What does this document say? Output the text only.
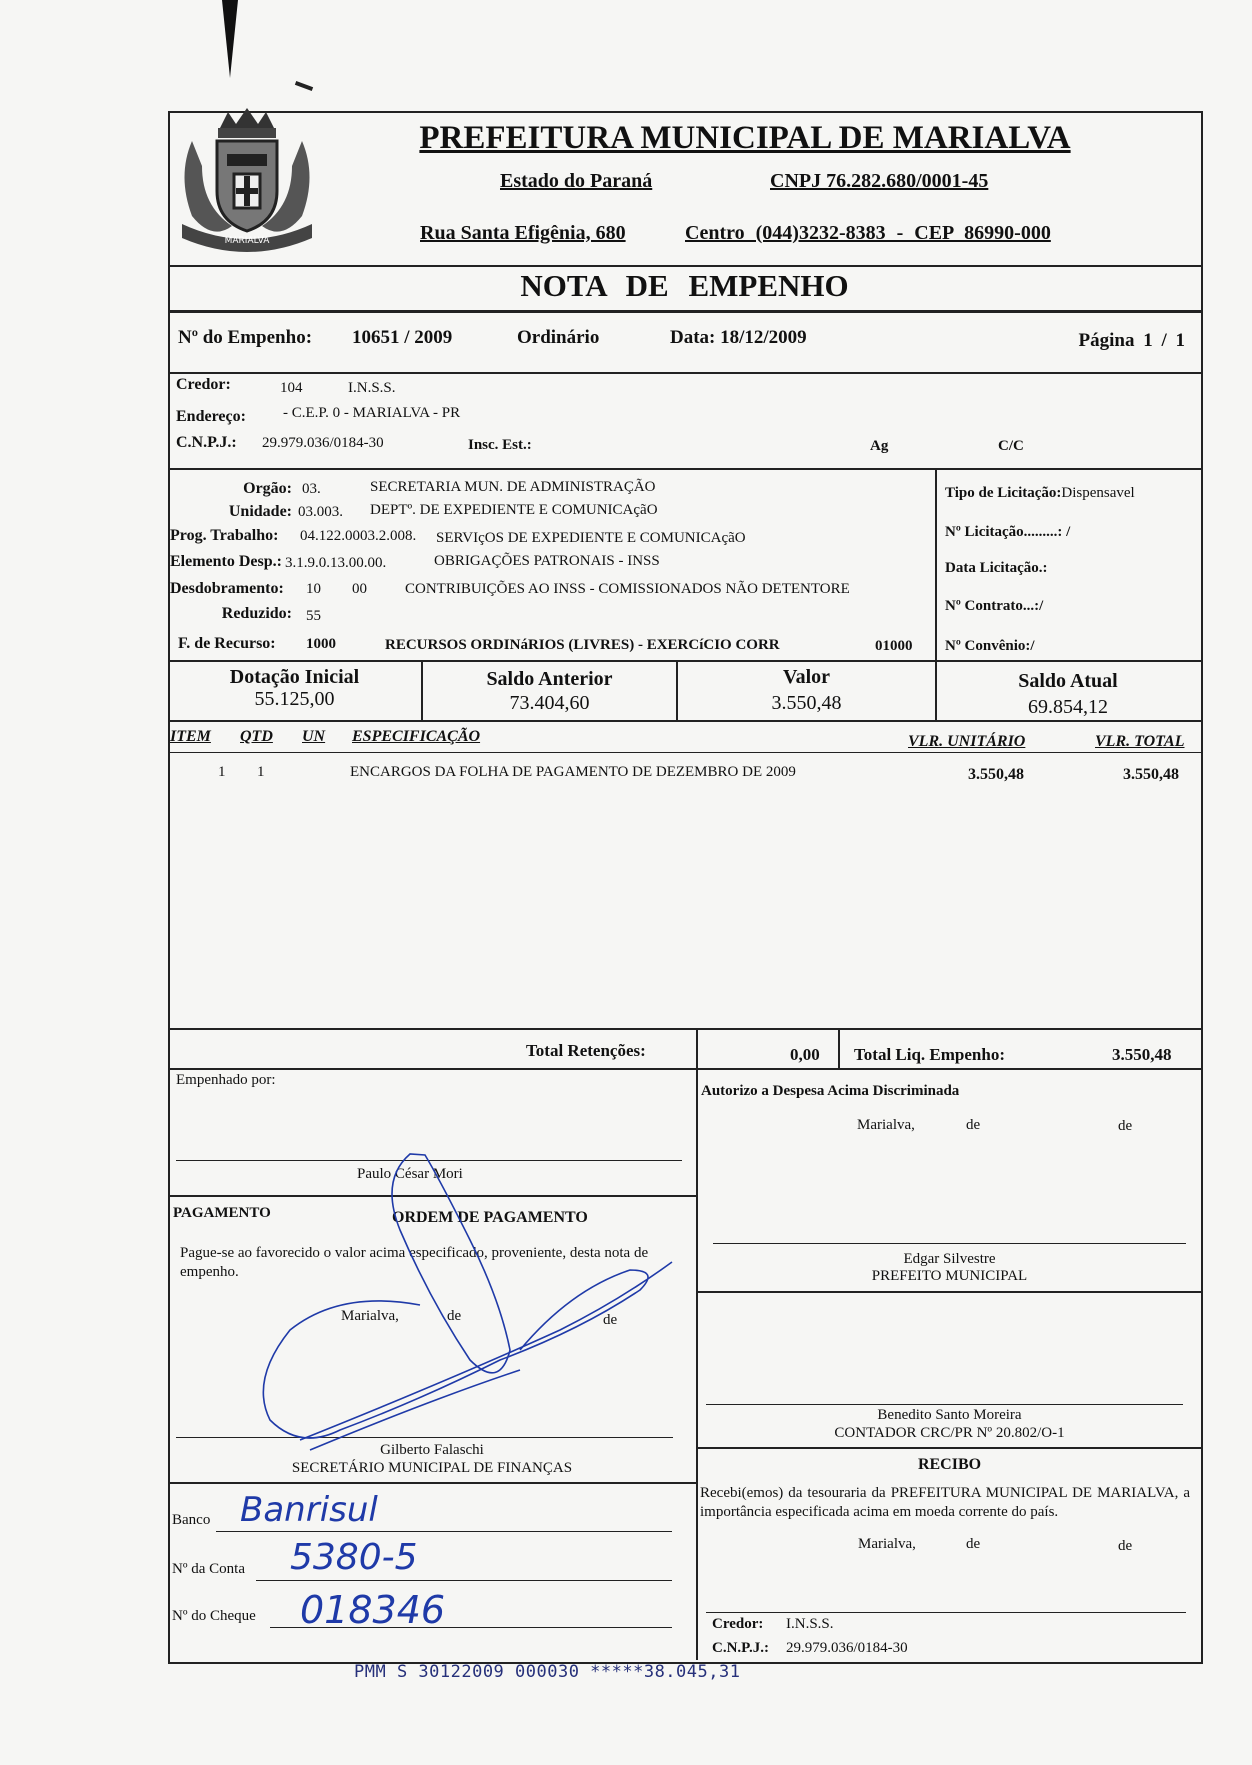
MARIALVA
PREFEITURA MUNICIPAL DE MARIALVA
Estado do Paraná	CNPJ 76.282.680/0001-45
Rua Santa Efigênia, 680	Centro (044)3232-8383 - CEP 86990-000
NOTA DE EMPENHO
Nº do Empenho: 10651 / 2009	Ordinário	Data: 18/12/2009	Página 1 / 1
Credor:	104	I.N.S.S.
Endereço: - C.E.P. 0 - MARIALVA - PR
C.N.P.J.: 29.979.036/0184-30	Insc. Est.:	Ag	C/C
Orgão: 03.	SECRETARIA MUN. DE ADMINISTRAÇÃO
Unidade: 03.003. DEPTº. DE EXPEDIENTE E COMUNICAçãO
Prog. Trabalho: 04.122.0003.2.008. SERVIçOS DE EXPEDIENTE E COMUNICAçãO
Elemento Desp.: 3.1.9.0.13.00.00.	OBRIGAÇÕES PATRONAIS - INSS
Desdobramento: 10 00	CONTRIBUIÇÕES AO INSS - COMISSIONADOS NÃO DETENTORE
Reduzido: 55
F. de Recurso: 1000	RECURSOS ORDINáRIOS (LIVRES) - EXERCíCIO CORR	01000
Tipo de Licitação:Dispensavel
Nº Licitação.........: /
Data Licitação.:
Nº Contrato...:/
Nº Convênio:/
Dotação Inicial
55.125,00
Saldo Anterior
73.404,60
Valor
3.550,48
Saldo Atual
69.854,12
ITEM QTD UN ESPECIFICAÇÃO	VLR. UNITÁRIO	VLR. TOTAL
1 1	ENCARGOS DA FOLHA DE PAGAMENTO DE DEZEMBRO DE 2009	3.550,48	3.550,48
Total Retenções:	0,00 Total Liq. Empenho:	3.550,48
Empenhado por:
Paulo César Mori
Autorizo a Despesa Acima Discriminada
Marialva,	de	de
Edgar Silvestre
PREFEITO MUNICIPAL
PAGAMENTO	ORDEM DE PAGAMENTO
Pague-se ao favorecido o valor acima especificado, proveniente, desta nota de empenho.
Marialva,	de	de
Gilberto Falaschi
SECRETÁRIO MUNICIPAL DE FINANÇAS
Benedito Santo Moreira
CONTADOR CRC/PR Nº 20.802/O-1
RECIBO
Recebi(emos) da tesouraria da PREFEITURA MUNICIPAL DE MARIALVA, a importância especificada acima em moeda corrente do país.
Marialva,	de	de
Credor: I.N.S.S.
C.N.P.J.: 29.979.036/0184-30
Banco Banrisul
Nº da Conta 5380-5
Nº do Cheque 018346
PMM S 30122009 000030 *****38.045,31
